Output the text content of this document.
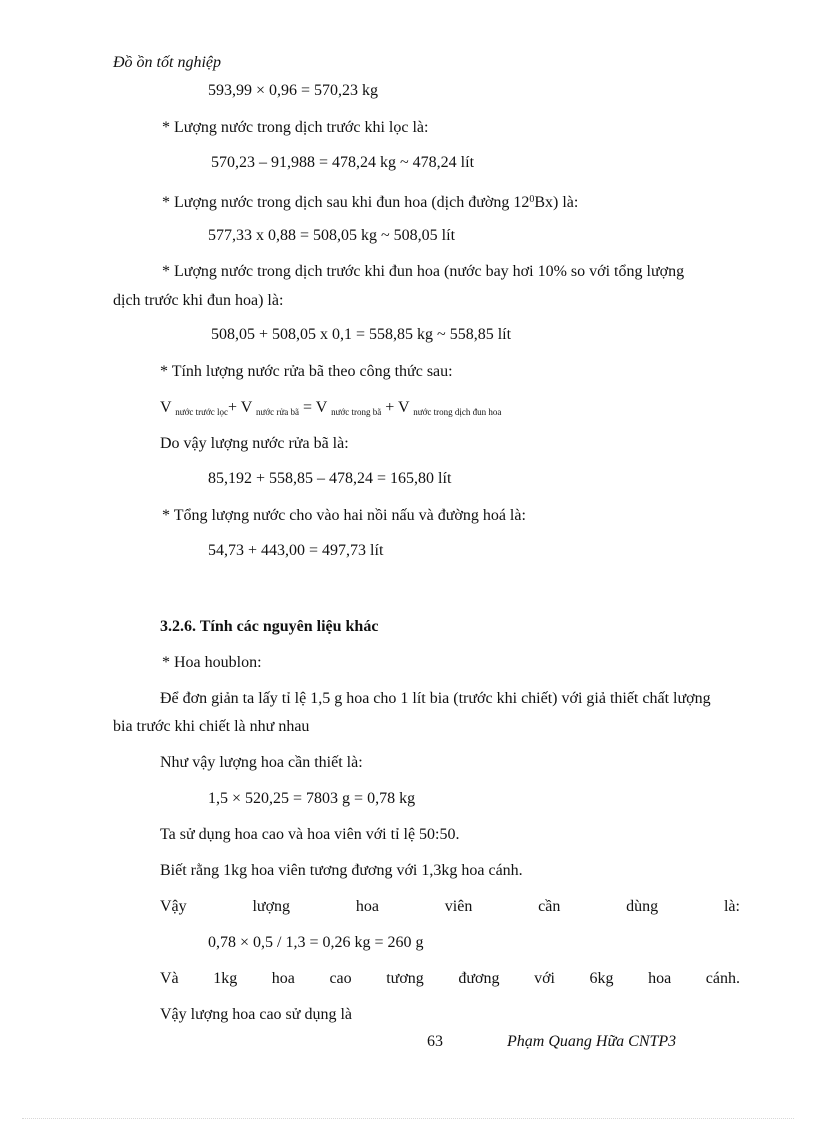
Đồ ồn tốt nghiệp
593,99 × 0,96 = 570,23 kg
* Lượng nước trong dịch trước khi lọc là:
570,23 – 91,988 = 478,24 kg ~ 478,24 lít
* Lượng nước trong dịch sau khi đun hoa (dịch đường $12^0Bx$) là:
577,33 x 0,88 = 508,05 kg ~ 508,05 lít
* Lượng nước trong dịch trước khi đun hoa (nước bay hơi 10% so với tổng lượng
dịch trước khi đun hoa) là:
508,05 + 508,05 x 0,1 = 558,85 kg ~ 558,85 lít
* Tính lượng nước rửa bã theo công thức sau:
V $_{nước trước lọc}$+ V $_{nước rửa bã}$ = V $_{nước trong bã}$ + V $_{nước trong dịch đun hoa}$
Do vậy lượng nước rửa bã là:
85,192 + 558,85 – 478,24 = 165,80 lít
* Tổng lượng nước cho vào hai nồi nấu và đường hoá là:
54,73 + 443,00 = 497,73 lít
3.2.6. Tính các nguyên liệu khác
* Hoa houblon:
Để đơn giản ta lấy tỉ lệ 1,5 g hoa cho 1 lít bia (trước khi chiết) với giả thiết chất lượng
bia trước khi chiết là như nhau
Như vậy lượng hoa cần thiết là:
1,5 × 520,25 = 7803 g = 0,78 kg
Ta sử dụng hoa cao và hoa viên với tỉ lệ 50:50.
Biết rằng 1kg hoa viên tương đương với 1,3kg hoa cánh.
Vậy	lượng	hoa	viên	cần	dùng	là:
0,78 × 0,5 / 1,3 = 0,26 kg = 260 g
Và 1kg hoa cao tương đương với 6kg hoa cánh.
Vậy lượng hoa cao sử dụng là
63	Phạm Quang Hữa CNTP3
